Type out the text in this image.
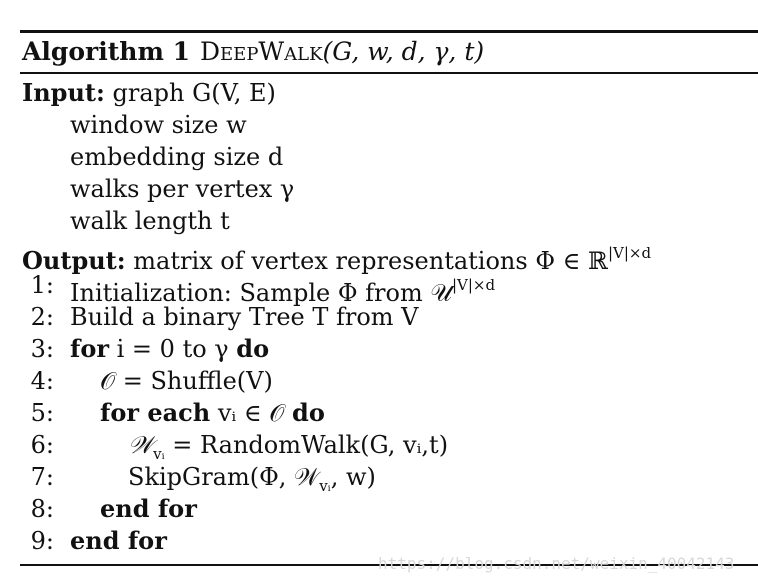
Algorithm 1 DeepWalk(G, w, d, γ, t)
Input: graph G(V, E)
window size w
embedding size d
walks per vertex γ
walk length t
Output: matrix of vertex representations Φ ∈ ℝ$^{|V|\times d}$
1: Initialization: Sample Φ from 𝒰$^{|V|\times d}$
2: Build a binary Tree T from V
3: for i = 0 to γ do
4: 𝒪 = Shuffle(V)
5: for each vᵢ ∈ 𝒪 do
6:	𝒲$_{vᵢ}$ = RandomWalk(G, vᵢ,t)
7:	SkipGram(Φ, 𝒲$_{vᵢ}$, w)
8: end for
9: end for
https://blog.csdn.net/weixin_40042143
